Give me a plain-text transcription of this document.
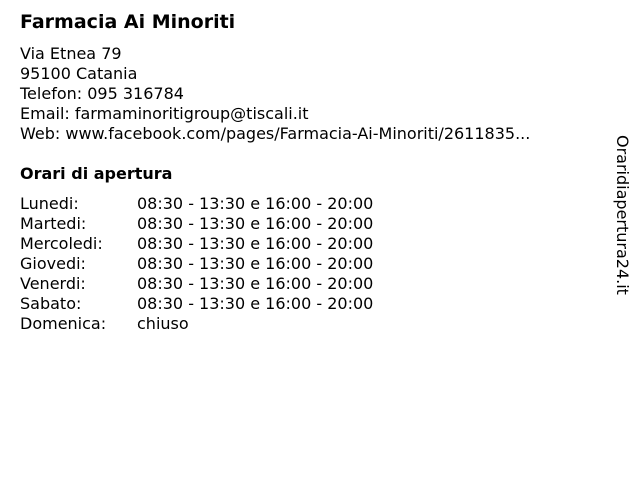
Farmacia Ai Minoriti
Via Etnea 79
95100 Catania
Telefon: 095 316784
Email: farmaminoritigroup@tiscali.it
Web: www.facebook.com/pages/Farmacia-Ai-Minoriti/2611835...
Orari di apertura
Lunedi:	08:30 - 13:30 e 16:00 - 20:00
Martedi:	08:30 - 13:30 e 16:00 - 20:00
Mercoledi: 08:30 - 13:30 e 16:00 - 20:00
Giovedi:	08:30 - 13:30 e 16:00 - 20:00
Venerdi:	08:30 - 13:30 e 16:00 - 20:00
Sabato:	08:30 - 13:30 e 16:00 - 20:00
Domenica: chiuso
Oraridiapertura24.it
